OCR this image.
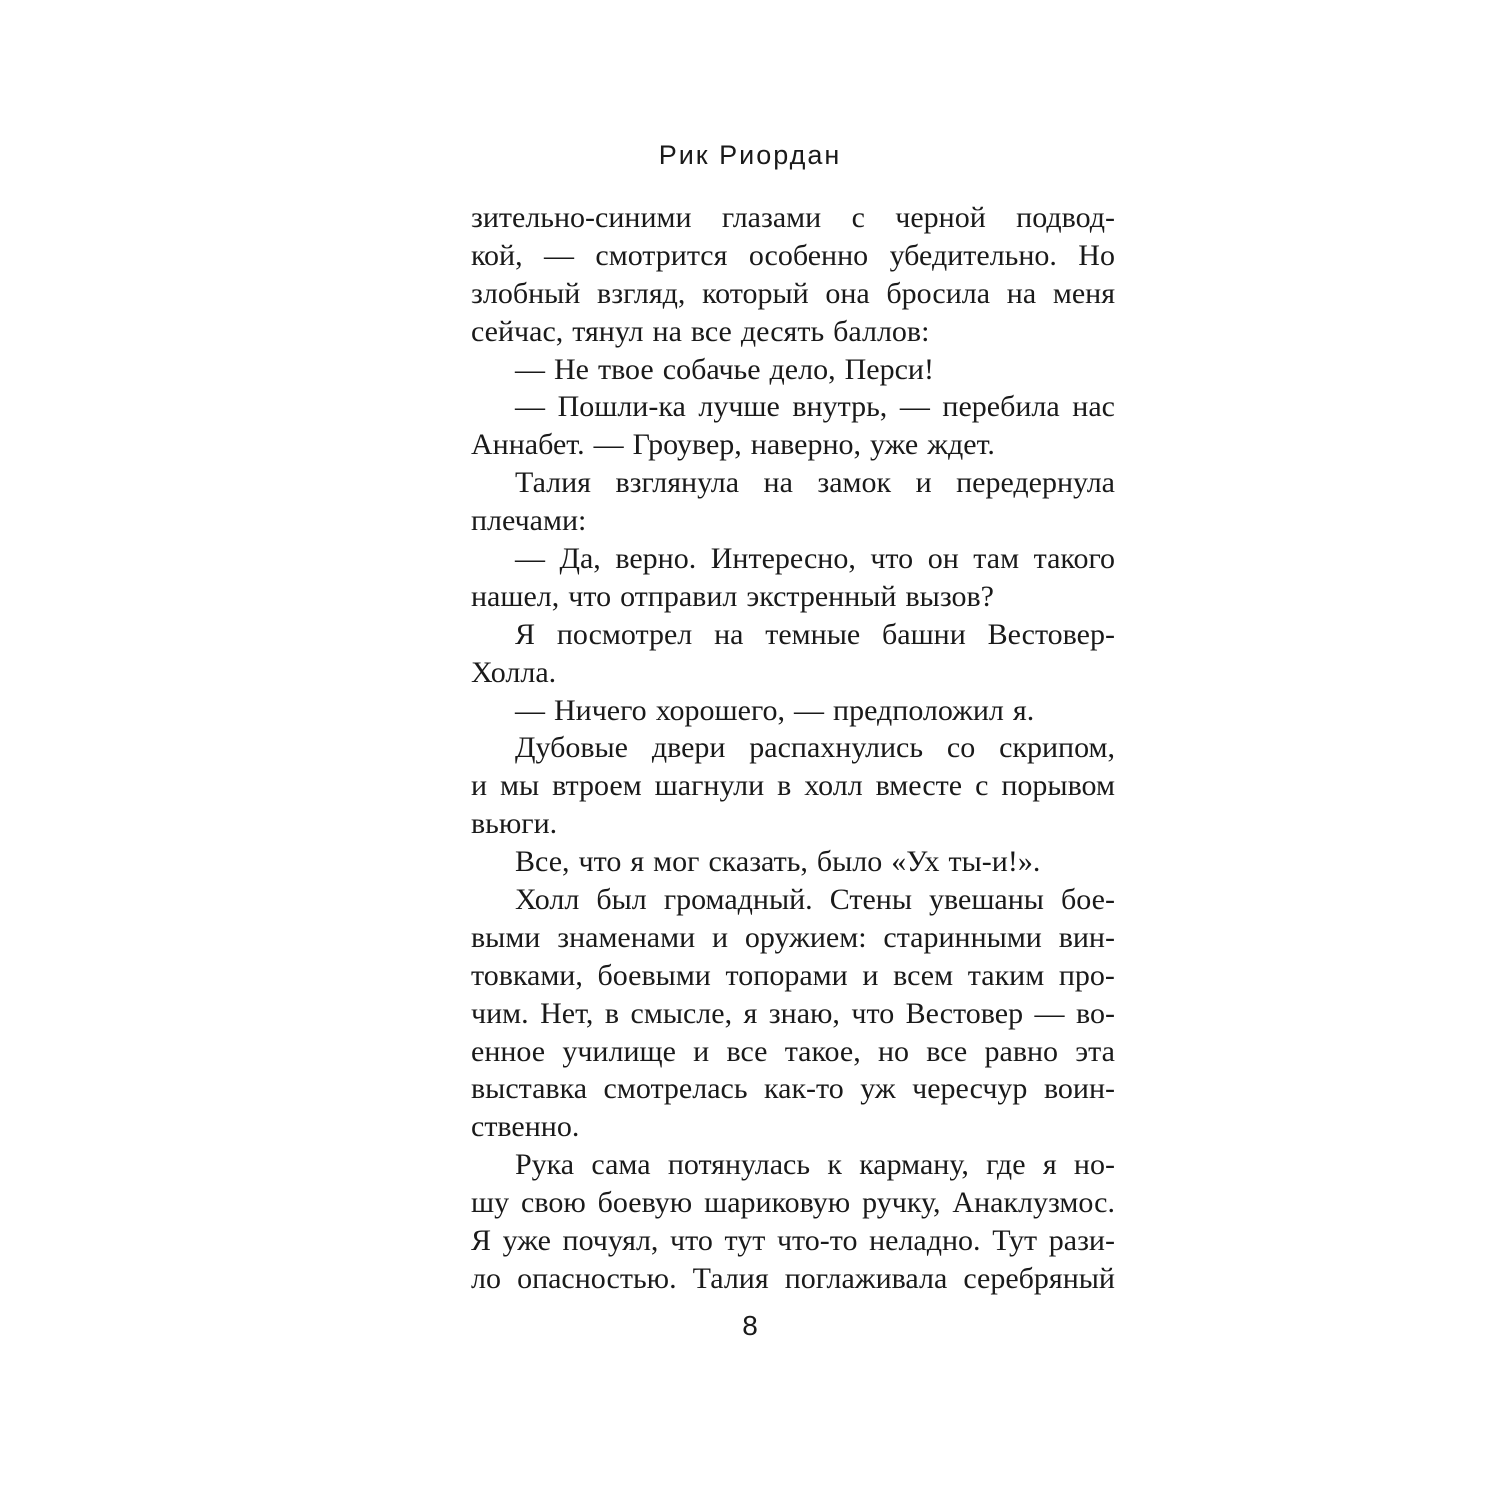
Рик Риордан
зительно-синими глазами с черной подвод-
кой, — смотрится особенно убедительно. Но
злобный взгляд, который она бросила на меня
сейчас, тянул на все десять баллов:
— Не твое собачье дело, Перси!
— Пошли-ка лучше внутрь, — перебила нас
Аннабет. — Гроувер, наверно, уже ждет.
Талия взглянула на замок и передернула
плечами:
— Да, верно. Интересно, что он там такого
нашел, что отправил экстренный вызов?
Я посмотрел на темные башни Вестовер-
Холла.
— Ничего хорошего, — предположил я.
Дубовые двери распахнулись со скрипом,
и мы втроем шагнули в холл вместе с порывом
вьюги.
Все, что я мог сказать, было «Ух ты-и!».
Холл был громадный. Стены увешаны бое-
выми знаменами и оружием: старинными вин-
товками, боевыми топорами и всем таким про-
чим. Нет, в смысле, я знаю, что Вестовер — во-
енное училище и все такое, но все равно эта
выставка смотрелась как-то уж чересчур воин-
ственно.
Рука сама потянулась к карману, где я но-
шу свою боевую шариковую ручку, Анаклузмос.
Я уже почуял, что тут что-то неладно. Тут рази-
ло опасностью. Талия поглаживала серебряный
8
